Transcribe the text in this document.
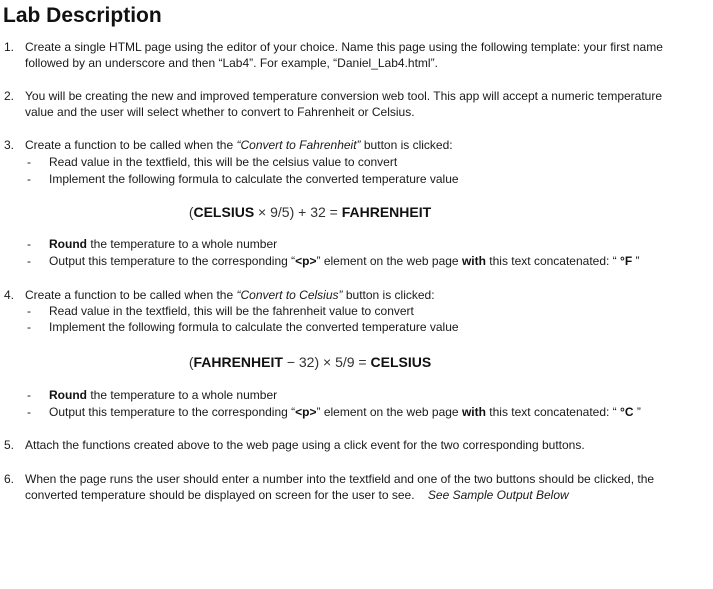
Lab Description
1. Create a single HTML page using the editor of your choice. Name this page using the following template: your first name
followed by an underscore and then “Lab4”. For example, “Daniel_Lab4.html”.
2. You will be creating the new and improved temperature conversion web tool. This app will accept a numeric temperature
value and the user will select whether to convert to Fahrenheit or Celsius.
3. Create a function to be called when the “Convert to Fahrenheit” button is clicked:
- Read value in the textfield, this will be the celsius value to convert
- Implement the following formula to calculate the converted temperature value
(CELSIUS × 9/5) + 32 = FAHRENHEIT
- Round the temperature to a whole number
- Output this temperature to the corresponding “<p>” element on the web page with this text concatenated: “ °F ”
4. Create a function to be called when the “Convert to Celsius” button is clicked:
- Read value in the textfield, this will be the fahrenheit value to convert
- Implement the following formula to calculate the converted temperature value
(FAHRENHEIT − 32) × 5/9 = CELSIUS
- Round the temperature to a whole number
- Output this temperature to the corresponding “<p>” element on the web page with this text concatenated: “ °C ”
5. Attach the functions created above to the web page using a click event for the two corresponding buttons.
6. When the page runs the user should enter a number into the textfield and one of the two buttons should be clicked, the
converted temperature should be displayed on screen for the user to see.    See Sample Output Below
